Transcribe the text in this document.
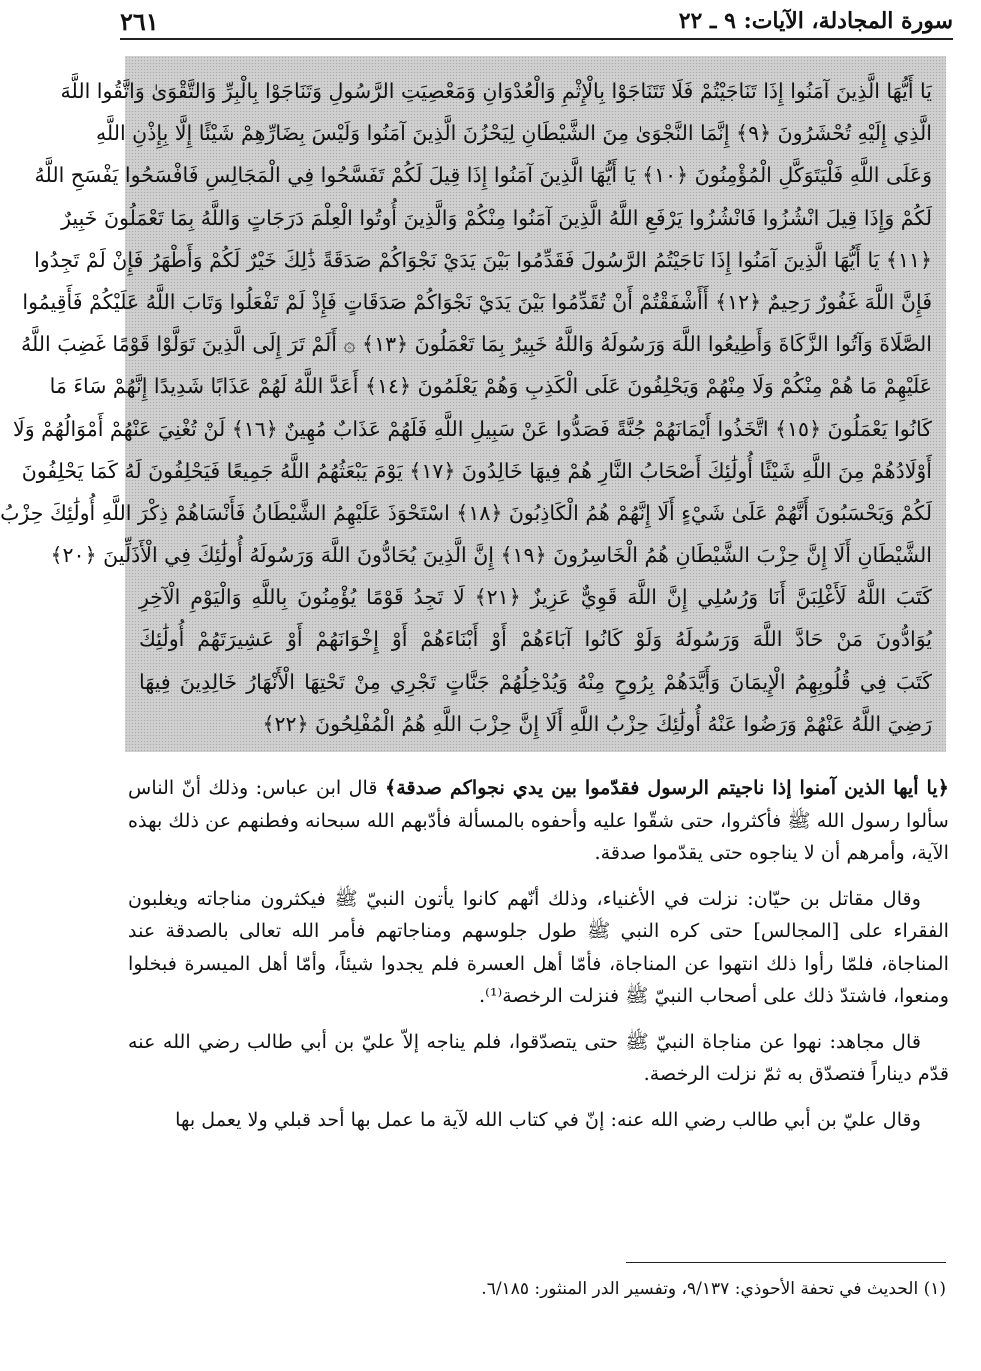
سورة المجادلة، الآيات: ٩ ـ ٢٢
٢٦١
يَا أَيُّهَا الَّذِينَ آمَنُوا إِذَا تَنَاجَيْتُمْ فَلَا تَتَنَاجَوْا بِالْإِثْمِ وَالْعُدْوَانِ وَمَعْصِيَتِ الرَّسُولِ وَتَنَاجَوْا بِالْبِرِّ وَالتَّقْوَىٰ وَاتَّقُوا اللَّهَ
الَّذِي إِلَيْهِ تُحْشَرُونَ ﴿٩﴾ إِنَّمَا النَّجْوَىٰ مِنَ الشَّيْطَانِ لِيَحْزُنَ الَّذِينَ آمَنُوا وَلَيْسَ بِضَارِّهِمْ شَيْئًا إِلَّا بِإِذْنِ اللَّهِ
وَعَلَى اللَّهِ فَلْيَتَوَكَّلِ الْمُؤْمِنُونَ ﴿١٠﴾ يَا أَيُّهَا الَّذِينَ آمَنُوا إِذَا قِيلَ لَكُمْ تَفَسَّحُوا فِي الْمَجَالِسِ فَافْسَحُوا يَفْسَحِ اللَّهُ
لَكُمْ وَإِذَا قِيلَ انْشُزُوا فَانْشُزُوا يَرْفَعِ اللَّهُ الَّذِينَ آمَنُوا مِنْكُمْ وَالَّذِينَ أُوتُوا الْعِلْمَ دَرَجَاتٍ وَاللَّهُ بِمَا تَعْمَلُونَ خَبِيرٌ
﴿١١﴾ يَا أَيُّهَا الَّذِينَ آمَنُوا إِذَا نَاجَيْتُمُ الرَّسُولَ فَقَدِّمُوا بَيْنَ يَدَيْ نَجْوَاكُمْ صَدَقَةً ذَٰلِكَ خَيْرٌ لَكُمْ وَأَطْهَرُ فَإِنْ لَمْ تَجِدُوا
فَإِنَّ اللَّهَ غَفُورٌ رَحِيمٌ ﴿١٢﴾ أَأَشْفَقْتُمْ أَنْ تُقَدِّمُوا بَيْنَ يَدَيْ نَجْوَاكُمْ صَدَقَاتٍ فَإِذْ لَمْ تَفْعَلُوا وَتَابَ اللَّهُ عَلَيْكُمْ فَأَقِيمُوا
الصَّلَاةَ وَآتُوا الزَّكَاةَ وَأَطِيعُوا اللَّهَ وَرَسُولَهُ وَاللَّهُ خَبِيرٌ بِمَا تَعْمَلُونَ ﴿١٣﴾ ۞ أَلَمْ تَرَ إِلَى الَّذِينَ تَوَلَّوْا قَوْمًا غَضِبَ اللَّهُ
عَلَيْهِمْ مَا هُمْ مِنْكُمْ وَلَا مِنْهُمْ وَيَحْلِفُونَ عَلَى الْكَذِبِ وَهُمْ يَعْلَمُونَ ﴿١٤﴾ أَعَدَّ اللَّهُ لَهُمْ عَذَابًا شَدِيدًا إِنَّهُمْ سَاءَ مَا
كَانُوا يَعْمَلُونَ ﴿١٥﴾ اتَّخَذُوا أَيْمَانَهُمْ جُنَّةً فَصَدُّوا عَنْ سَبِيلِ اللَّهِ فَلَهُمْ عَذَابٌ مُهِينٌ ﴿١٦﴾ لَنْ تُغْنِيَ عَنْهُمْ أَمْوَالُهُمْ وَلَا
أَوْلَادُهُمْ مِنَ اللَّهِ شَيْئًا أُولَٰئِكَ أَصْحَابُ النَّارِ هُمْ فِيهَا خَالِدُونَ ﴿١٧﴾ يَوْمَ يَبْعَثُهُمُ اللَّهُ جَمِيعًا فَيَحْلِفُونَ لَهُ كَمَا يَحْلِفُونَ
لَكُمْ وَيَحْسَبُونَ أَنَّهُمْ عَلَىٰ شَيْءٍ أَلَا إِنَّهُمْ هُمُ الْكَاذِبُونَ ﴿١٨﴾ اسْتَحْوَذَ عَلَيْهِمُ الشَّيْطَانُ فَأَنْسَاهُمْ ذِكْرَ اللَّهِ أُولَٰئِكَ حِزْبُ
الشَّيْطَانِ أَلَا إِنَّ حِزْبَ الشَّيْطَانِ هُمُ الْخَاسِرُونَ ﴿١٩﴾ إِنَّ الَّذِينَ يُحَادُّونَ اللَّهَ وَرَسُولَهُ أُولَٰئِكَ فِي الْأَذَلِّينَ ﴿٢٠﴾
كَتَبَ اللَّهُ لَأَغْلِبَنَّ أَنَا وَرُسُلِي إِنَّ اللَّهَ قَوِيٌّ عَزِيزٌ ﴿٢١﴾ لَا تَجِدُ قَوْمًا يُؤْمِنُونَ بِاللَّهِ وَالْيَوْمِ الْآخِرِ
يُوَادُّونَ مَنْ حَادَّ اللَّهَ وَرَسُولَهُ وَلَوْ كَانُوا آبَاءَهُمْ أَوْ أَبْنَاءَهُمْ أَوْ إِخْوَانَهُمْ أَوْ عَشِيرَتَهُمْ أُولَٰئِكَ
كَتَبَ فِي قُلُوبِهِمُ الْإِيمَانَ وَأَيَّدَهُمْ بِرُوحٍ مِنْهُ وَيُدْخِلُهُمْ جَنَّاتٍ تَجْرِي مِنْ تَحْتِهَا الْأَنْهَارُ خَالِدِينَ فِيهَا
رَضِيَ اللَّهُ عَنْهُمْ وَرَضُوا عَنْهُ أُولَٰئِكَ حِزْبُ اللَّهِ أَلَا إِنَّ حِزْبَ اللَّهِ هُمُ الْمُفْلِحُونَ ﴿٢٢﴾

﴿يا أيها الذين آمنوا إذا ناجيتم الرسول فقدّموا بين يدي نجواكم صدقة﴾ قال ابن عباس: وذلك أنّ الناس سألوا رسول الله ﷺ فأكثروا، حتى شقّوا عليه وأحفوه بالمسألة فأدّبهم الله سبحانه وفطنهم عن ذلك بهذه الآية، وأمرهم أن لا يناجوه حتى يقدّموا صدقة.

وقال مقاتل بن حيّان: نزلت في الأغنياء، وذلك أنّهم كانوا يأتون النبيّ ﷺ فيكثرون مناجاته ويغلبون الفقراء على [المجالس] حتى كره النبي ﷺ طول جلوسهم ومناجاتهم فأمر الله تعالى بالصدقة عند المناجاة، فلمّا رأوا ذلك انتهوا عن المناجاة، فأمّا أهل العسرة فلم يجدوا شيئاً، وأمّا أهل الميسرة فبخلوا ومنعوا، فاشتدّ ذلك على أصحاب النبيّ ﷺ فنزلت الرخصة⁽¹⁾.

قال مجاهد: نهوا عن مناجاة النبيّ ﷺ حتى يتصدّقوا، فلم يناجه إلاّ عليّ بن أبي طالب رضي الله عنه قدّم ديناراً فتصدّق به ثمّ نزلت الرخصة.

وقال عليّ بن أبي طالب رضي الله عنه: إنّ في كتاب الله لآية ما عمل بها أحد قبلي ولا يعمل بها

(١) الحديث في تحفة الأحوذي: ٩/١٣٧، وتفسير الدر المنثور: ٦/١٨٥.
